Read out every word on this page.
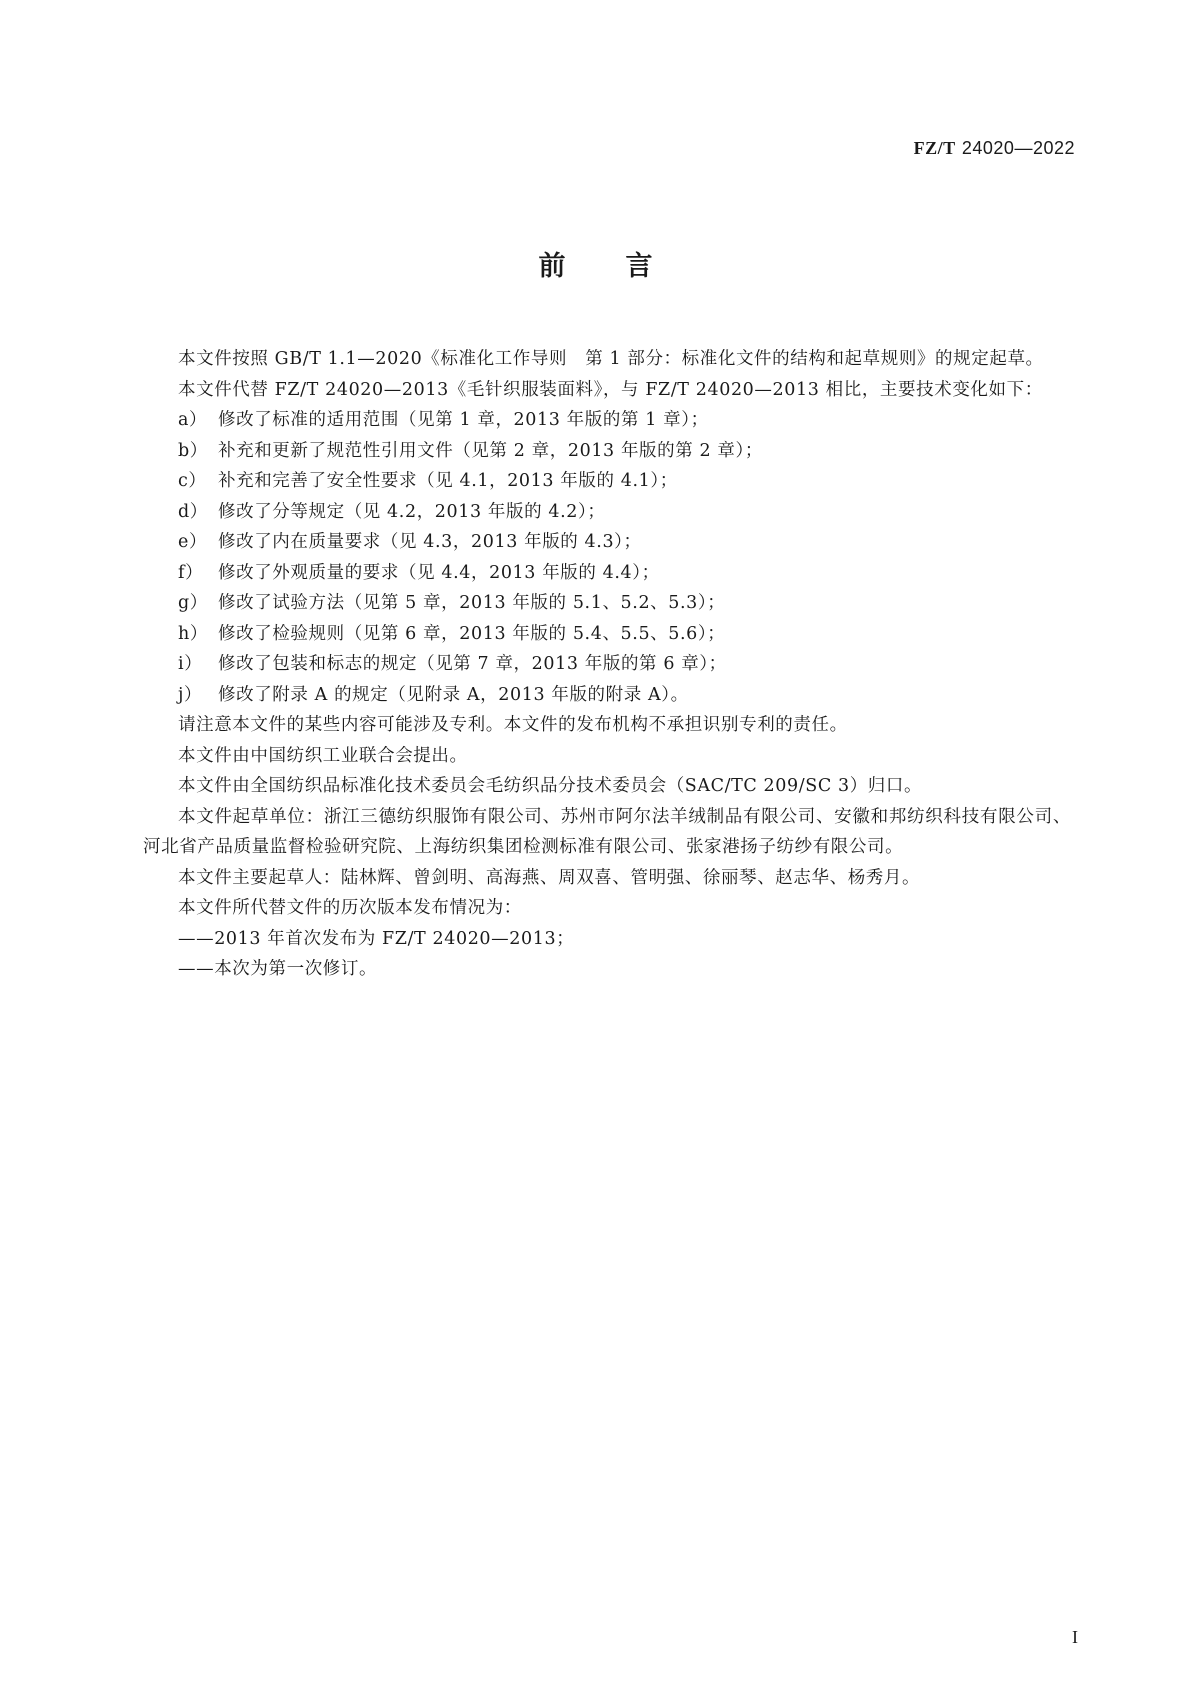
FZ/T 24020—2022
前言

本文件按照 GB/T 1.1—2020《标准化工作导则　第 1 部分：标准化文件的结构和起草规则》的规定起草。

本文件代替 FZ/T 24020—2013《毛针织服装面料》，与 FZ/T 24020—2013 相比，主要技术变化如下：

a） 修改了标准的适用范围（见第 1 章，2013 年版的第 1 章）；

b） 补充和更新了规范性引用文件（见第 2 章，2013 年版的第 2 章）；

c） 补充和完善了安全性要求（见 4.1，2013 年版的 4.1）；

d） 修改了分等规定（见 4.2，2013 年版的 4.2）；

e） 修改了内在质量要求（见 4.3，2013 年版的 4.3）；

f） 修改了外观质量的要求（见 4.4，2013 年版的 4.4）；

g） 修改了试验方法（见第 5 章，2013 年版的 5.1、5.2、5.3）；

h） 修改了检验规则（见第 6 章，2013 年版的 5.4、5.5、5.6）；

i） 修改了包装和标志的规定（见第 7 章，2013 年版的第 6 章）；

j） 修改了附录 A 的规定（见附录 A，2013 年版的附录 A）。

请注意本文件的某些内容可能涉及专利。本文件的发布机构不承担识别专利的责任。

本文件由中国纺织工业联合会提出。

本文件由全国纺织品标准化技术委员会毛纺织品分技术委员会（SAC/TC 209/SC 3）归口。

本文件起草单位：浙江三德纺织服饰有限公司、苏州市阿尔法羊绒制品有限公司、安徽和邦纺织科技有限公司、河北省产品质量监督检验研究院、上海纺织集团检测标准有限公司、张家港扬子纺纱有限公司。

本文件主要起草人：陆林辉、曾剑明、高海燕、周双喜、管明强、徐丽琴、赵志华、杨秀月。

本文件所代替文件的历次版本发布情况为：

——2013 年首次发布为 FZ/T 24020—2013；

——本次为第一次修订。

I
